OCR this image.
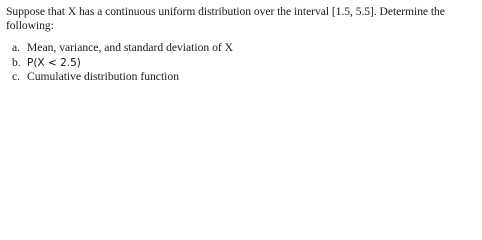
Suppose that X has a continuous uniform distribution over the interval [1.5, 5.5]. Determine the following:

a. Mean, variance, and standard deviation of X
b. P(X < 2.5)
c. Cumulative distribution function
